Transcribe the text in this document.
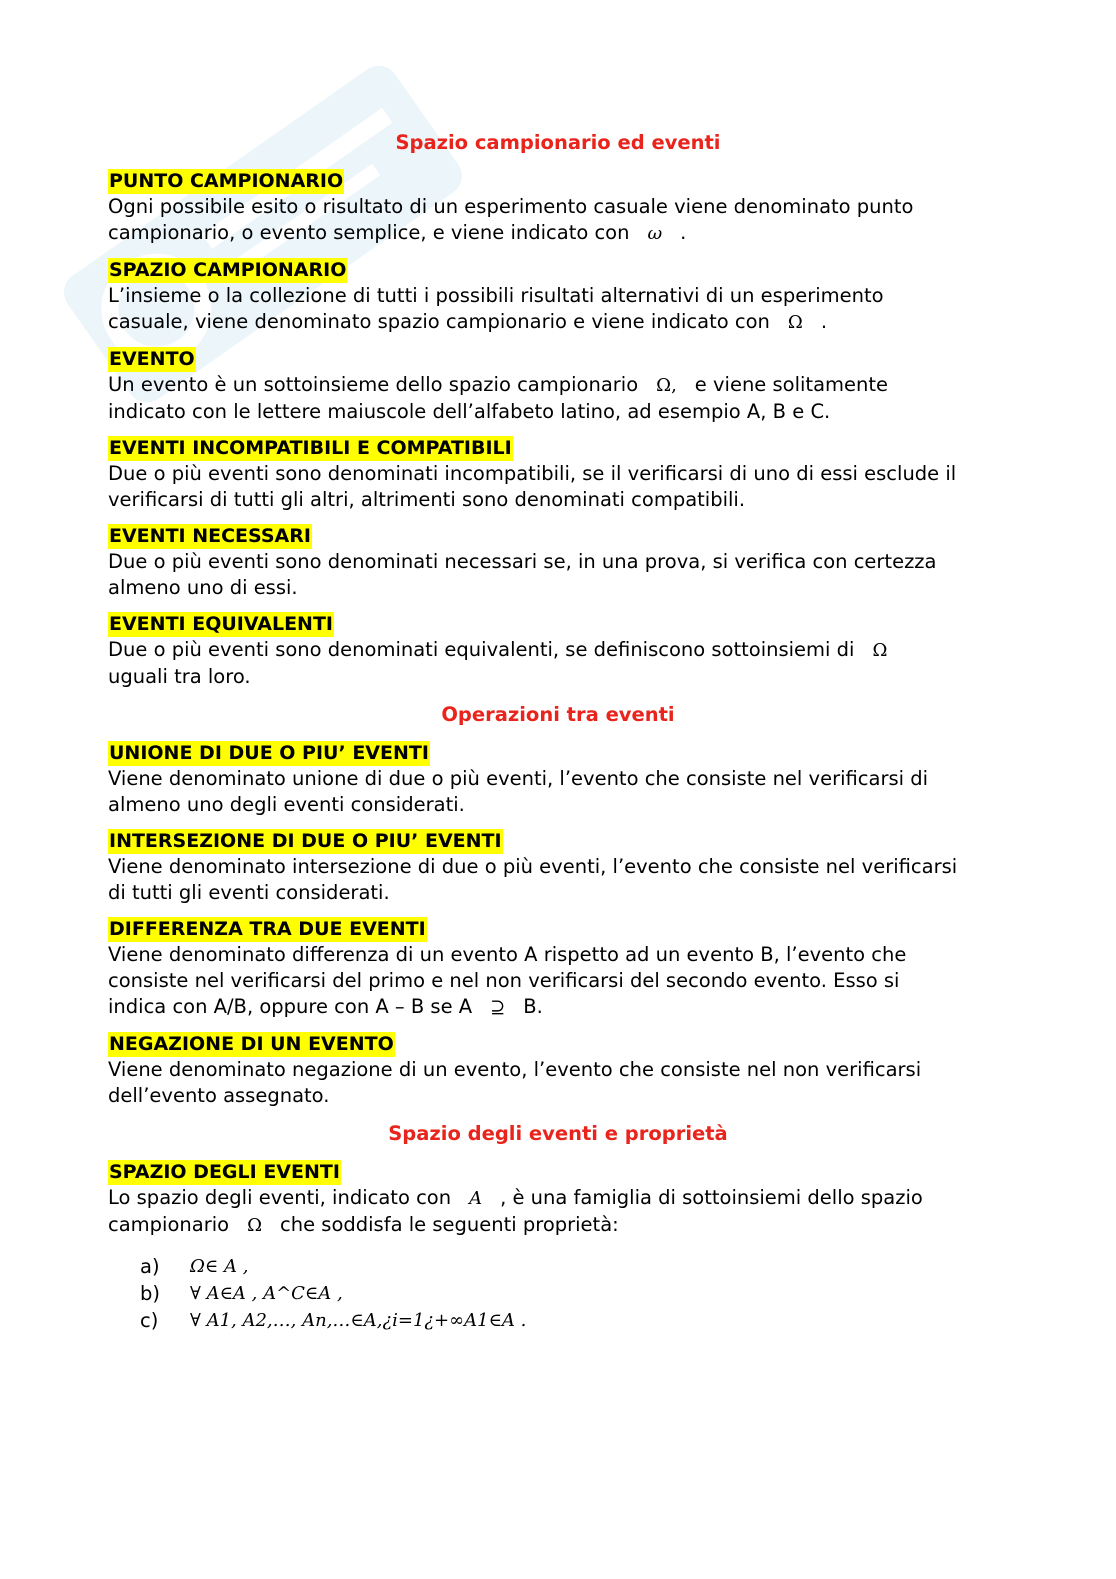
Spazio campionario ed eventi
PUNTO CAMPIONARIO

Ogni possibile esito o risultato di un esperimento casuale viene denominato punto
campionario, o evento semplice, e viene indicato con ω .

SPAZIO CAMPIONARIO

L’insieme o la collezione di tutti i possibili risultati alternativi di un esperimento
casuale, viene denominato spazio campionario e viene indicato con Ω .

EVENTO

Un evento è un sottoinsieme dello spazio campionario Ω, e viene solitamente
indicato con le lettere maiuscole dell’alfabeto latino, ad esempio A, B e C.

EVENTI INCOMPATIBILI E COMPATIBILI

Due o più eventi sono denominati incompatibili, se il verificarsi di uno di essi esclude il
verificarsi di tutti gli altri, altrimenti sono denominati compatibili.

EVENTI NECESSARI

Due o più eventi sono denominati necessari se, in una prova, si verifica con certezza
almeno uno di essi.

EVENTI EQUIVALENTI

Due o più eventi sono denominati equivalenti, se definiscono sottoinsiemi di Ω
uguali tra loro.

Operazioni tra eventi
UNIONE DI DUE O PIU’ EVENTI

Viene denominato unione di due o più eventi, l’evento che consiste nel verificarsi di
almeno uno degli eventi considerati.

INTERSEZIONE DI DUE O PIU’ EVENTI

Viene denominato intersezione di due o più eventi, l’evento che consiste nel verificarsi
di tutti gli eventi considerati.

DIFFERENZA TRA DUE EVENTI

Viene denominato differenza di un evento A rispetto ad un evento B, l’evento che
consiste nel verificarsi del primo e nel non verificarsi del secondo evento. Esso si
indica con A/B, oppure con A – B se A ⊇ B.

NEGAZIONE DI UN EVENTO

Viene denominato negazione di un evento, l’evento che consiste nel non verificarsi
dell’evento assegnato.

Spazio degli eventi e proprietà
SPAZIO DEGLI EVENTI

Lo spazio degli eventi, indicato con A , è una famiglia di sottoinsiemi dello spazio
campionario Ω che soddisfa le seguenti proprietà:

a)	Ω∈ A ,
b)	∀ A∈A , A^C∈A ,
c)	∀ A1, A2,…, An,…∈A,¿i=1¿+∞A1∈A .
